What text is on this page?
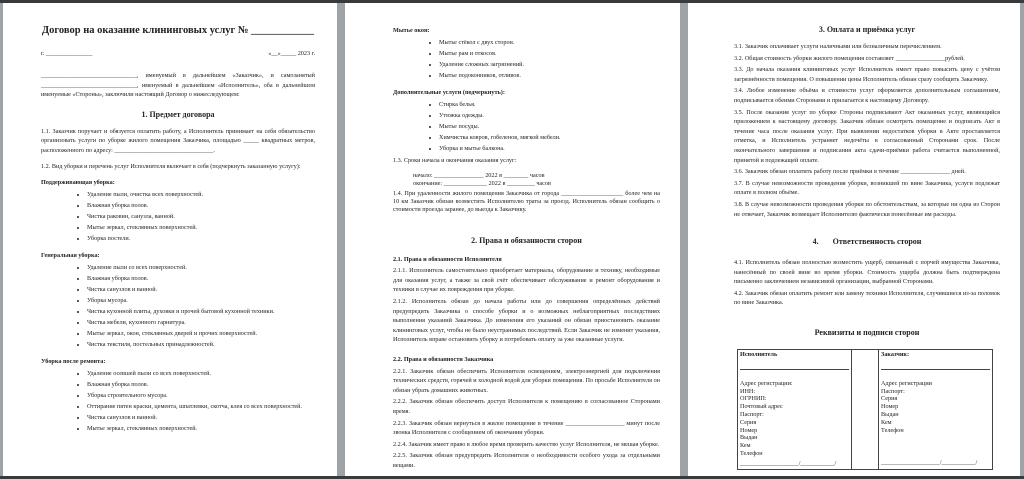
Договор на оказание клининговых услуг № ____________
г. _______________	«__»_____ 2023 г.

_______________________________, именуемый в дальнейшем «Заказчик», и самозанятый _______________________________, именуемый в дальнейшем «Исполнитель», оба в дальнейшем именуемые «Стороны», заключили настоящий Договор о нижеследующем:

1. Предмет договора

1.1. Заказчик поручает и обязуется оплатить работу, а Исполнитель принимает на себя обязательство организовать услуги по уборке жилого помещения Заказчика, площадью _____ квадратных метров, расположенного по адресу: ________________________________.

1.2. Вид уборки и перечень услуг Исполнителя включает в себя (подчеркнуть заказанную услугу):

Поддерживающая уборка:
• Удаление пыли, очистка всех поверхностей.
• Влажная уборка полов.
• Чистка раковин, санузла, ванной.
• Мытье зеркал, стеклянных поверхностей.
• Уборка постели.
Генеральная уборка:
• Удаление пыли со всех поверхностей.
• Влажная уборка полов.
• Чистка санузлов и ванной.
• Уборка мусора.
• Чистка кухонной плиты, духовки и прочей бытовой кухонной техники.
• Чистка мебели, кухонного гарнитура.
• Мытье зеркал, окон, стеклянных дверей и прочих поверхностей.
• Чистка текстиля, постельных принадлежностей.
Уборка после ремонта:
• Удаление осевшей пыли со всех поверхностей.
• Влажная уборка полов.
• Уборка строительного мусора.
• Оттирание пятен краски, цемента, шпатлевки, скотча, клея со всех поверхностей.
• Чистка санузлов и ванной.
• Мытье зеркал, стеклянных поверхностей.
Мытье окон:
• Мытье стёкол с двух сторон.
• Мытье рам и откосов.
• Удаление сложных загрязнений.
• Мытье подоконников, отливов.
Дополнительные услуги (подчеркнуть):
• Стирка белья.
• Утюжка одежды.
• Мытье посуды.
• Химчистка ковров, гобеленов, мягкой мебели.
• Уборка и мытье балкона.

1.3. Сроки начала и окончания оказания услуг:

начало: ________________ 2022 в ________ часов

окончание: ______________ 2022 в _________ часов

1.4. При удаленности жилого помещения Заказчика от города ____________________ более чем на 10 км Заказчик обязан возместить Исполнителю траты за проезд. Исполнитель обязан сообщить о стоимости проезда заранее, до выезда к Заказчику.

2. Права и обязанности сторон

2.1. Права и обязанности Исполнителя

2.1.1. Исполнитель самостоятельно приобретает материалы, оборудование и технику, необходимые для оказания услуг, а также за свой счёт обеспечивает обслуживание и ремонт оборудования и техники в случае их повреждения при уборке.

2.1.2. Исполнитель обязан до начала работы или до совершения определённых действий предупредить Заказчика о способе уборки и о возможных неблагоприятных последствиях выполнения указаний Заказчика. До изменения его указаний он обязан приостановить оказание клининговых услуг, чтобы не было неустранимых последствий. Если Заказчик не изменит указания, Исполнитель вправе остановить уборку и потребовать оплату за уже оказанные услуги.

2.2. Права и обязанности Заказчика

2.2.1. Заказчик обязан обеспечить Исполнителя освещением, электроэнергией для подключения технических средств, горячей и холодной водой для уборки помещения. По просьбе Исполнителя он обязан убрать домашних животных.

2.2.2. Заказчик обязан обеспечить доступ Исполнителя к помещению в согласованное Сторонами время.

2.2.3. Заказчик обязан вернуться в жилое помещение в течение ___________________ минут после звонка Исполнителя с сообщением об окончании уборки.

2.2.4. Заказчик имеет право в любое время проверить качество услуг Исполнителя, не мешая уборке.

2.2.5. Заказчик обязан предупредить Исполнителя о необходимости особого ухода за отдельными вещами.

3. Оплата и приёмка услуг

3.1. Заказчик оплачивает услуги наличными или безналичным перечислением.

3.2. Общая стоимость уборки жилого помещения составляет ________________рублей.

3.3. До начала оказания клининговых услуг Исполнитель имеет право повысить цену с учётом загрязнённости помещения. О повышении цены Исполнитель обязан сразу сообщить Заказчику.

3.4. Любое изменение объёма и стоимости услуг оформляется дополнительным соглашением, подписывается обеими Сторонами и прилагается к настоящему Договору.

3.5. После оказания услуг по уборке Стороны подписывают Акт оказанных услуг, являющийся приложением к настоящему договору. Заказчик обязан осмотреть помещение и подписать Акт в течение часа после оказания услуг. При выявлении недостатков уборки в Акте проставляется отметка, и Исполнитель устраняет недочёты в согласованный Сторонами срок. После окончательного завершения и подписания акта сдачи-приёмки работа считается выполненной, принятой и подлежащей оплате.

3.6. Заказчик обязан оплатить работу после приёмки в течение ________________ дней.

3.7. В случае невозможности проведения уборки, возникшей по вине Заказчика, услуги подлежат оплате в полном объёме.

3.8. В случае невозможности проведения уборки по обстоятельствам, за которые ни одна из Сторон не отвечает, Заказчик возмещает Исполнителю фактически понесённые им расходы.

4.       Ответственность сторон

4.1. Исполнитель обязан полностью возместить ущерб, связанный с порчей имущества Заказчика, нанесённый по своей вине во время уборки. Стоимость ущерба должна быть подтверждена письменно заключением независимой организации, выбранной Сторонами.

4.2. Заказчик обязан оплатить ремонт или замену техники Исполнителя, случившиеся из-за поломок по вине Заказчика.

Реквизиты и подписи сторон
Исполнитель
Адрес регистрации:
ИНН:
ОГРНИП:
Почтовый адрес
Паспорт:
Серия
Номер
Выдан
Кем
Телефон
___________________/___________/

Заказчик:
Адрес регистрации
Паспорт:
Серия
Номер
Выдан
Кем
Телефон
___________________/___________/
